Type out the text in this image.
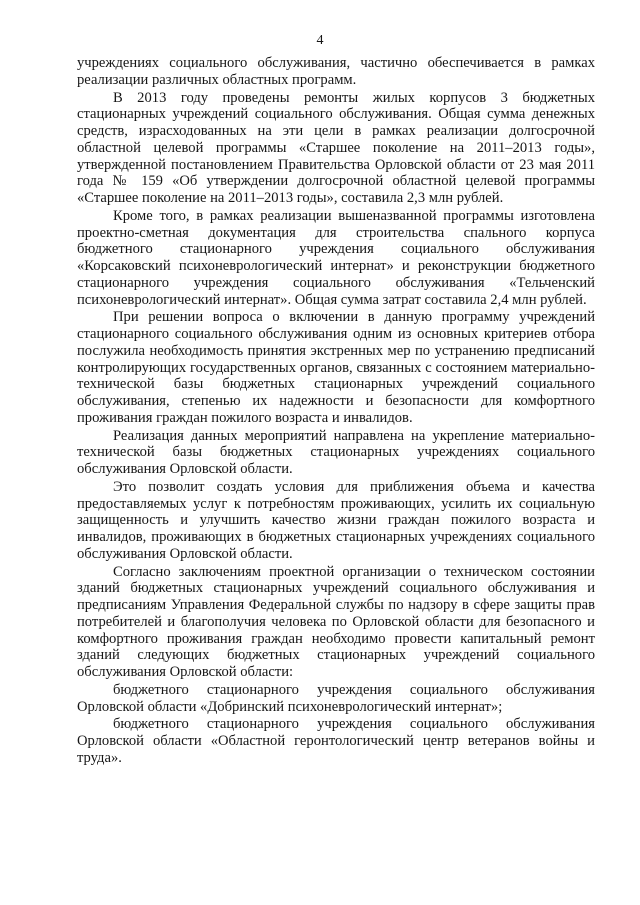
4

учреждениях социального обслуживания, частично обеспечивается в рамках реализации различных областных программ.

В 2013 году проведены ремонты жилых корпусов 3 бюджетных стационарных учреждений социального обслуживания. Общая сумма денежных средств, израсходованных на эти цели в рамках реализации долгосрочной областной целевой программы «Старшее поколение на 2011–2013 годы», утвержденной постановлением Правительства Орловской области от 23 мая 2011 года № 159 «Об утверждении долгосрочной областной целевой программы «Старшее поколение на 2011–2013 годы», составила 2,3 млн рублей.

Кроме того, в рамках реализации вышеназванной программы изготовлена проектно-сметная документация для строительства спального корпуса бюджетного стационарного учреждения социального обслуживания «Корсаковский психоневрологический интернат» и реконструкции бюджетного стационарного учреждения социального обслуживания «Тельченский психоневрологический интернат». Общая сумма затрат составила 2,4 млн рублей.

При решении вопроса о включении в данную программу учреждений стационарного социального обслуживания одним из основных критериев отбора послужила необходимость принятия экстренных мер по устранению предписаний контролирующих государственных органов, связанных с состоянием материально-технической базы бюджетных стационарных учреждений социального обслуживания, степенью их надежности и безопасности для комфортного проживания граждан пожилого возраста и инвалидов.

Реализация данных мероприятий направлена на укрепление материально-технической базы бюджетных стационарных учреждениях социального обслуживания Орловской области.

Это позволит создать условия для приближения объема и качества предоставляемых услуг к потребностям проживающих, усилить их социальную защищенность и улучшить качество жизни граждан пожилого возраста и инвалидов, проживающих в бюджетных стационарных учреждениях социального обслуживания Орловской области.

Согласно заключениям проектной организации о техническом состоянии зданий бюджетных стационарных учреждений социального обслуживания и предписаниям Управления Федеральной службы по надзору в сфере защиты прав потребителей и благополучия человека по Орловской области для безопасного и комфортного проживания граждан необходимо провести капитальный ремонт зданий следующих бюджетных стационарных учреждений социального обслуживания Орловской области:

бюджетного стационарного учреждения социального обслуживания Орловской области «Добринский психоневрологический интернат»;

бюджетного стационарного учреждения социального обслуживания Орловской области «Областной геронтологический центр ветеранов войны и труда».
